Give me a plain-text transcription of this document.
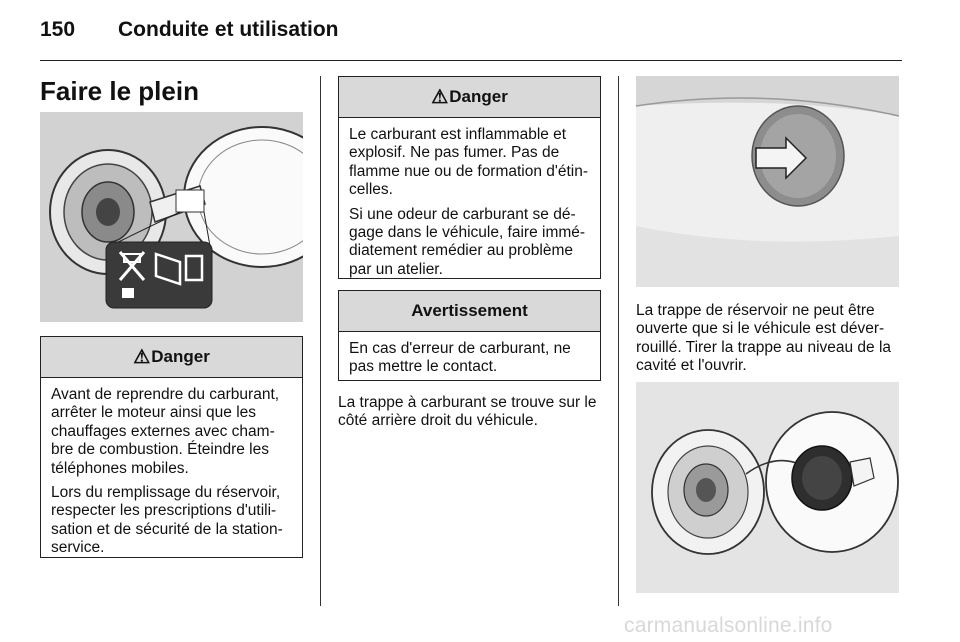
150 Conduite et utilisation
Faire le plein
⚠ Danger

Avant de reprendre du carburant,
arrêter le moteur ainsi que les
chauffages externes avec cham-
bre de combustion. Éteindre les
téléphones mobiles.

Lors du remplissage du réservoir,
respecter les prescriptions d'utili-
sation et de sécurité de la station-
service.

⚠ Danger

Le carburant est inflammable et
explosif. Ne pas fumer. Pas de
flamme nue ou de formation d'étin-
celles.

Si une odeur de carburant se dé-
gage dans le véhicule, faire immé-
diatement remédier au problème
par un atelier.

Avertissement
En cas d'erreur de carburant, ne
pas mettre le contact.
La trappe à carburant se trouve sur le
côté arrière droit du véhicule.
La trappe de réservoir ne peut être
ouverte que si le véhicule est déver-
rouillé. Tirer la trappe au niveau de la
cavité et l'ouvrir.
carmanualsonline.info
